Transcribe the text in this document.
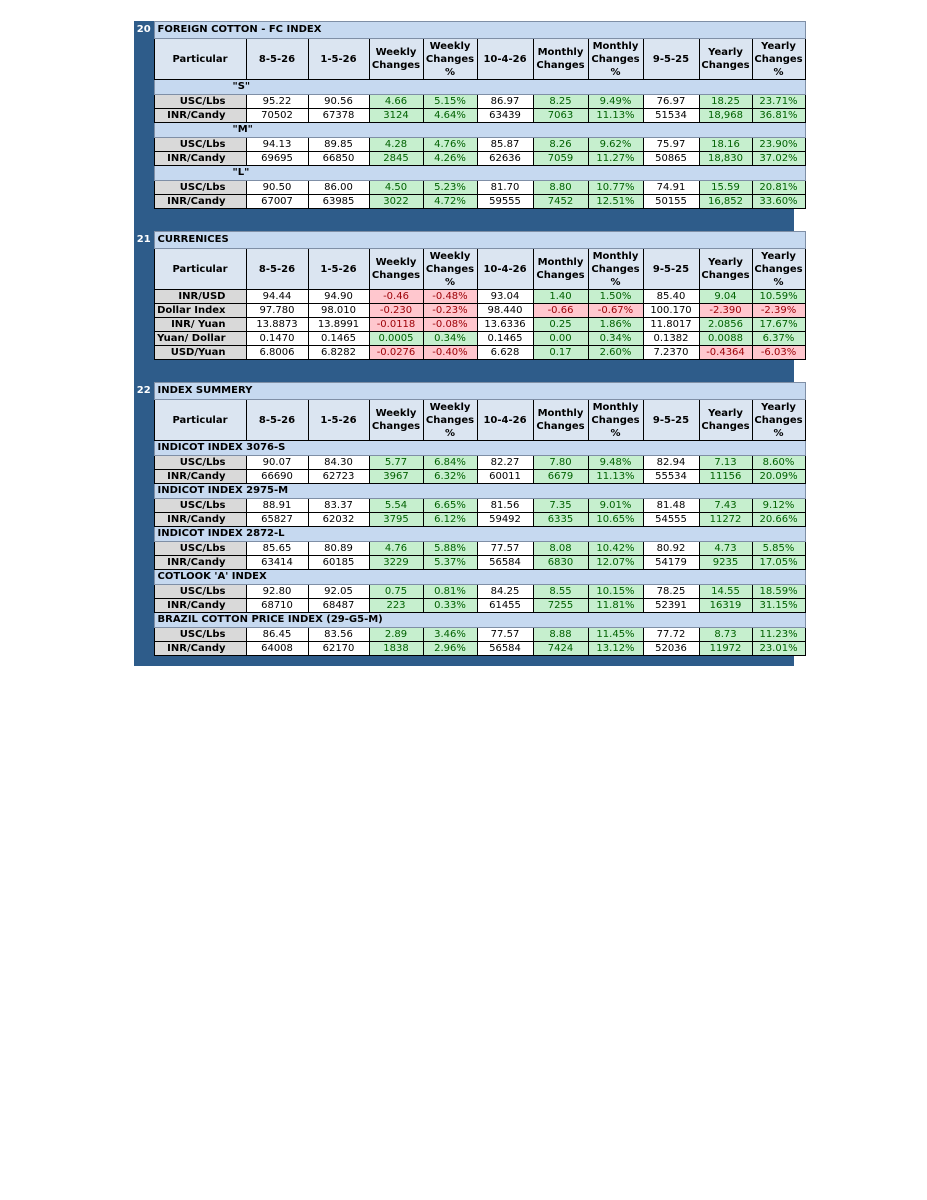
20	FOREIGN COTTON - FC INDEX										
	Particular	8-5-26	1-5-26	Weekly Changes	Weekly Changes %	10-4-26	Monthly Changes	Monthly Changes %	9-5-25	Yearly Changes	Yearly Changes %
	"S"										
	USC/Lbs	95.22	90.56	4.66	5.15%	86.97	8.25	9.49%	76.97	18.25	23.71%
	INR/Candy	70502	67378	3124	4.64%	63439	7063	11.13%	51534	18,968	36.81%
	"M"										
	USC/Lbs	94.13	89.85	4.28	4.76%	85.87	8.26	9.62%	75.97	18.16	23.90%
	INR/Candy	69695	66850	2845	4.26%	62636	7059	11.27%	50865	18,830	37.02%
	"L"										
	USC/Lbs	90.50	86.00	4.50	5.23%	81.70	8.80	10.77%	74.91	15.59	20.81%
	INR/Candy	67007	63985	3022	4.72%	59555	7452	12.51%	50155	16,852	33.60%
21	CURRENICES										
	Particular	8-5-26	1-5-26	Weekly Changes	Weekly Changes %	10-4-26	Monthly Changes	Monthly Changes %	9-5-25	Yearly Changes	Yearly Changes %
	INR/USD	94.44	94.90	-0.46	-0.48%	93.04	1.40	1.50%	85.40	9.04	10.59%
	Dollar Index	97.780	98.010	-0.230	-0.23%	98.440	-0.66	-0.67%	100.170	-2.390	-2.39%
	INR/ Yuan	13.8873	13.8991	-0.0118	-0.08%	13.6336	0.25	1.86%	11.8017	2.0856	17.67%
	Yuan/ Dollar	0.1470	0.1465	0.0005	0.34%	0.1465	0.00	0.34%	0.1382	0.0088	6.37%
	USD/Yuan	6.8006	6.8282	-0.0276	-0.40%	6.628	0.17	2.60%	7.2370	-0.4364	-6.03%
22	INDEX SUMMERY										
	Particular	8-5-26	1-5-26	Weekly Changes	Weekly Changes %	10-4-26	Monthly Changes	Monthly Changes %	9-5-25	Yearly Changes	Yearly Changes %
	INDICOT INDEX 3076-S										
	USC/Lbs	90.07	84.30	5.77	6.84%	82.27	7.80	9.48%	82.94	7.13	8.60%
	INR/Candy	66690	62723	3967	6.32%	60011	6679	11.13%	55534	11156	20.09%
	INDICOT INDEX 2975-M										
	USC/Lbs	88.91	83.37	5.54	6.65%	81.56	7.35	9.01%	81.48	7.43	9.12%
	INR/Candy	65827	62032	3795	6.12%	59492	6335	10.65%	54555	11272	20.66%
	INDICOT INDEX 2872-L										
	USC/Lbs	85.65	80.89	4.76	5.88%	77.57	8.08	10.42%	80.92	4.73	5.85%
	INR/Candy	63414	60185	3229	5.37%	56584	6830	12.07%	54179	9235	17.05%
	COTLOOK 'A' INDEX										
	USC/Lbs	92.80	92.05	0.75	0.81%	84.25	8.55	10.15%	78.25	14.55	18.59%
	INR/Candy	68710	68487	223	0.33%	61455	7255	11.81%	52391	16319	31.15%
	BRAZIL COTTON PRICE INDEX (29-G5-M)										
	USC/Lbs	86.45	83.56	2.89	3.46%	77.57	8.88	11.45%	77.72	8.73	11.23%
	INR/Candy	64008	62170	1838	2.96%	56584	7424	13.12%	52036	11972	23.01%
